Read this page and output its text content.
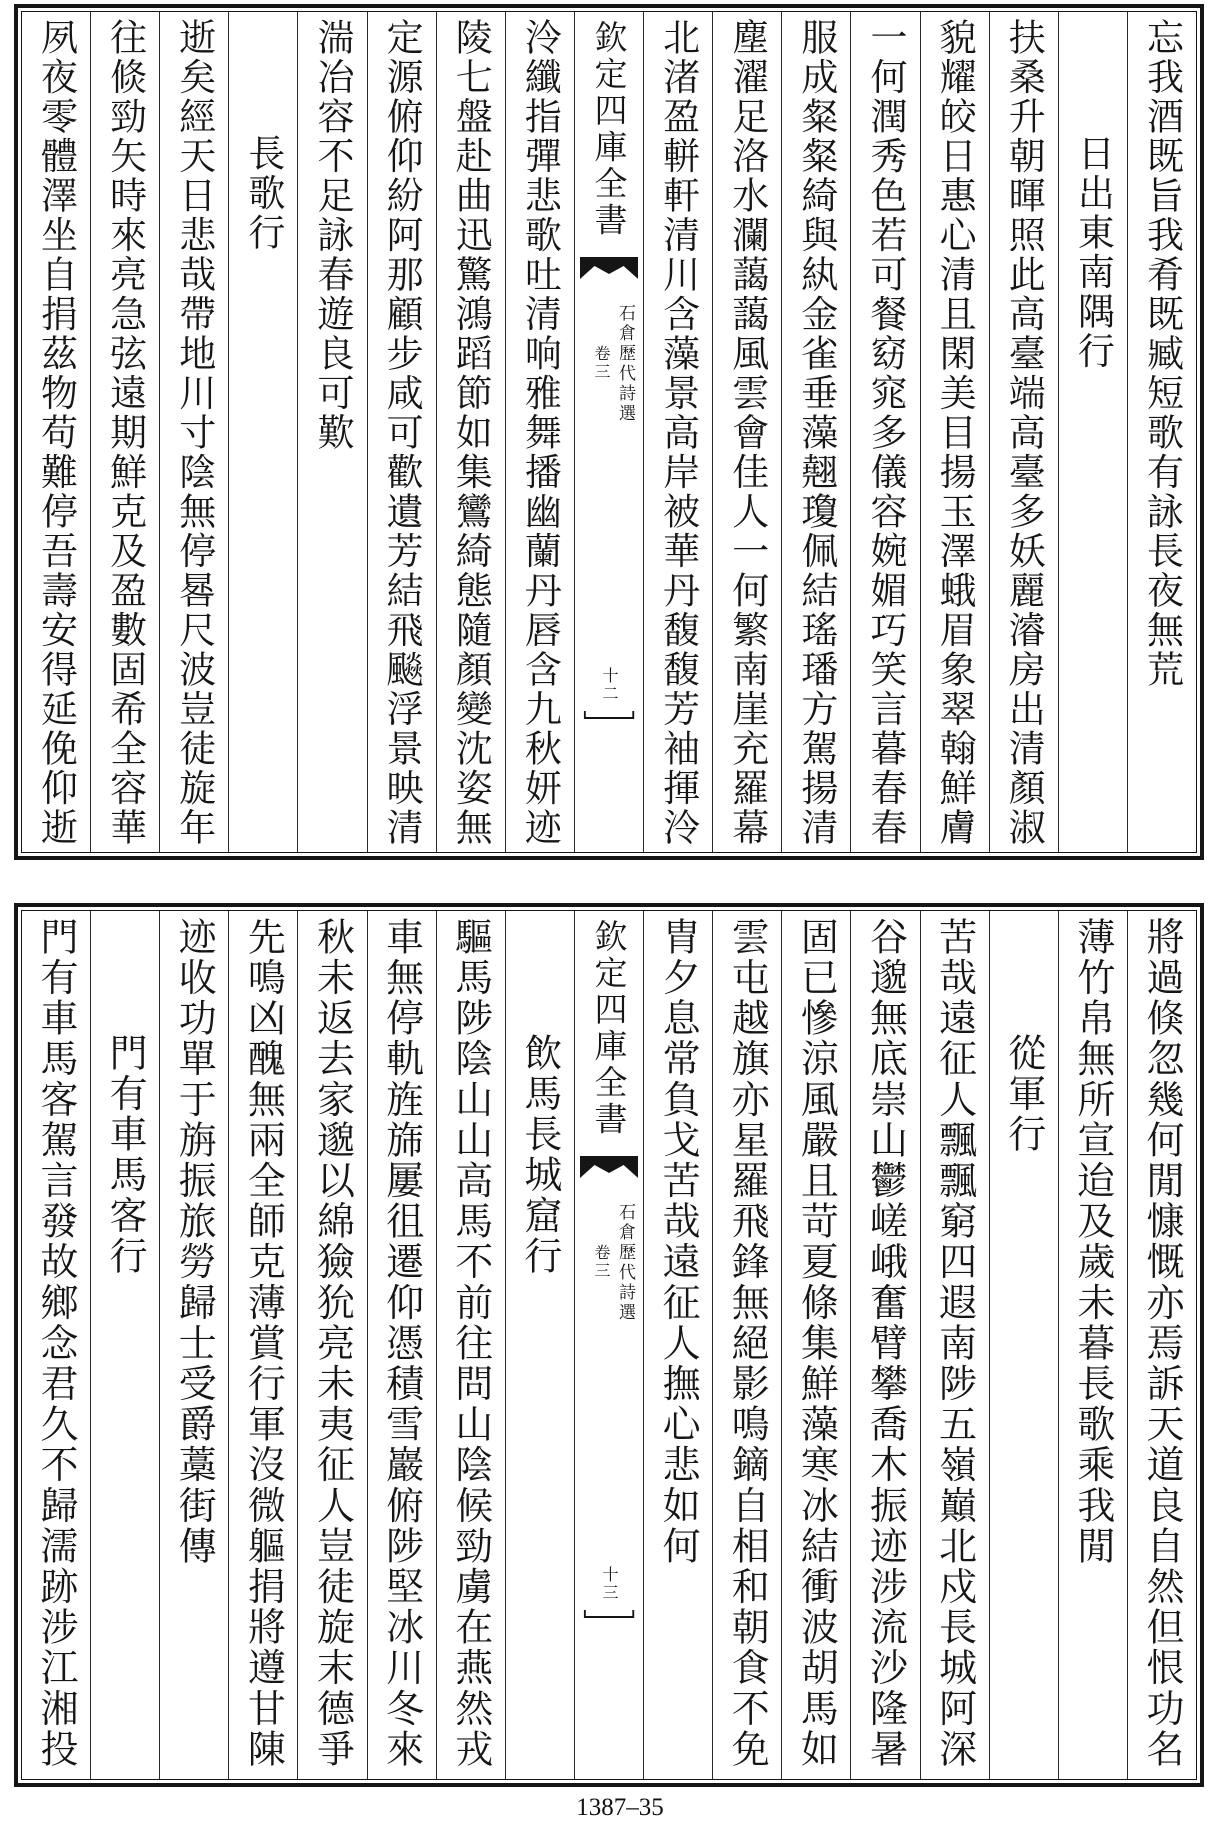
忘我酒既旨我肴既臧短歌有詠長夜無荒
日出東南隅行
扶桑升朝暉照此高臺端高臺多妖麗濬房出清顏淑
貌耀皎日惠心清且閑美目揚玉澤蛾眉象翠翰鮮膚
一何潤秀色若可餐窈窕多儀容婉媚巧笑言暮春春
服成粲粲綺與紈金雀垂藻翹瓊佩結瑤璠方駕揚清
塵濯足洛水瀾藹藹風雲會佳人一何繁南崖充羅幕
北渚盈軿軒清川含藻景高岸被華丹馥馥芳袖揮泠
欽定四庫全書
石倉歷代詩選
卷三
十二
泠纖指彈悲歌吐清响雅舞播幽蘭丹唇含九秋妍迹
陵七盤赴曲迅驚鴻蹈節如集鸞綺態隨顏變沈姿無
定源俯仰紛阿那顧步咸可歡遺芳結飛飈浮景映清
湍冶容不足詠春遊良可歎
長歌行
逝矣經天日悲哉帶地川寸陰無停晷尺波豈徒旋年
往倐勁矢時來亮急弦遠期鮮克及盈數固希全容華
夙夜零體澤坐自捐茲物苟難停吾壽安得延俛仰逝
將過倏忽幾何閒慷慨亦焉訴天道良自然但恨功名
薄竹帛無所宣迨及歲未暮長歌乘我閒
從軍行
苦哉遠征人飄飄窮四遐南陟五嶺巔北戍長城阿深
谷邈無底崇山鬱嵯峨奮臂攀喬木振迹涉流沙隆暑
固已慘涼風嚴且苛夏條集鮮藻寒冰結衝波胡馬如
雲屯越旗亦星羅飛鋒無絕影鳴鏑自相和朝食不免
胄夕息常負戈苦哉遠征人撫心悲如何
欽定四庫全書
石倉歷代詩選
卷三
十三
飲馬長城窟行
驅馬陟陰山山高馬不前往問山陰候勁虜在燕然戎
車無停軌旌旆屢徂遷仰憑積雪巖俯陟堅冰川冬來
秋未返去家邈以綿獫狁亮未夷征人豈徒旋末德爭
先鳴凶醜無兩全師克薄賞行軍沒微軀捐將遵甘陳
迹收功單于旃振旅勞歸士受爵藁街傳
門有車馬客行
門有車馬客駕言發故鄉念君久不歸濡跡涉江湘投
1387–35
